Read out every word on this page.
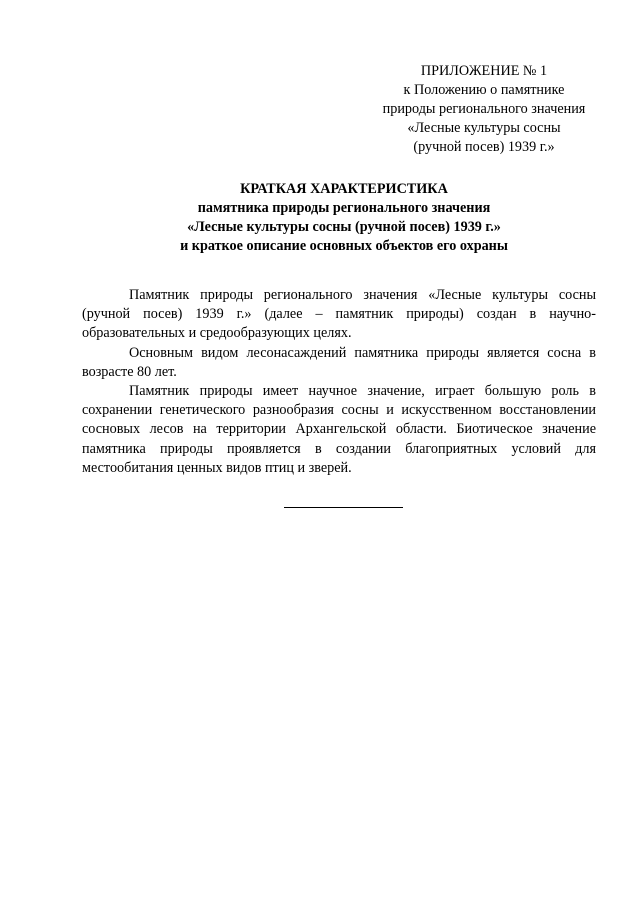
ПРИЛОЖЕНИЕ № 1
к Положению о памятнике
природы регионального значения
«Лесные культуры сосны
(ручной посев) 1939 г.»
КРАТКАЯ ХАРАКТЕРИСТИКА
памятника природы регионального значения
«Лесные культуры сосны (ручной посев) 1939 г.»
и краткое описание основных объектов его охраны

Памятник природы регионального значения «Лесные культуры сосны (ручной посев) 1939 г.» (далее – памятник природы) создан в научно-образовательных и средообразующих целях.

Основным видом лесонасаждений памятника природы является сосна в возрасте 80 лет.

Памятник природы имеет научное значение, играет большую роль в сохранении генетического разнообразия сосны и искусственном восстановлении сосновых лесов на территории Архангельской области. Биотическое значение памятника природы проявляется в создании благоприятных условий для местообитания ценных видов птиц и зверей.
